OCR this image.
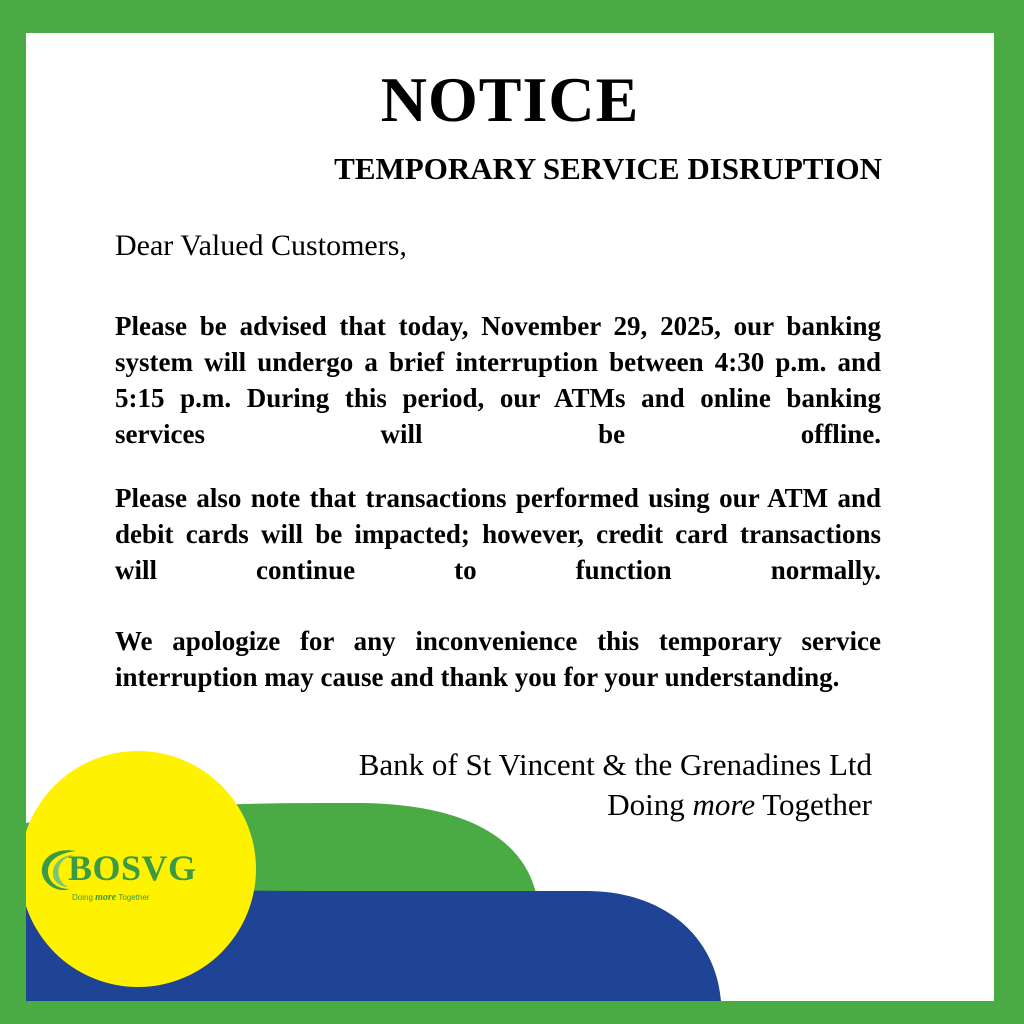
NOTICE
TEMPORARY SERVICE DISRUPTION

Dear Valued Customers,

Please be advised that today, November 29, 2025, our banking system will undergo a brief interruption between 4:30 p.m. and 5:15 p.m. During this period, our ATMs and online banking services will be offline.

Please also note that transactions performed using our ATM and debit cards will be impacted; however, credit card transactions will continue to function normally.

We apologize for any inconvenience this temporary service interruption may cause and thank you for your understanding.

Bank of St Vincent & the Grenadines Ltd

Doing more Together

BOSVG
Doing more Together
